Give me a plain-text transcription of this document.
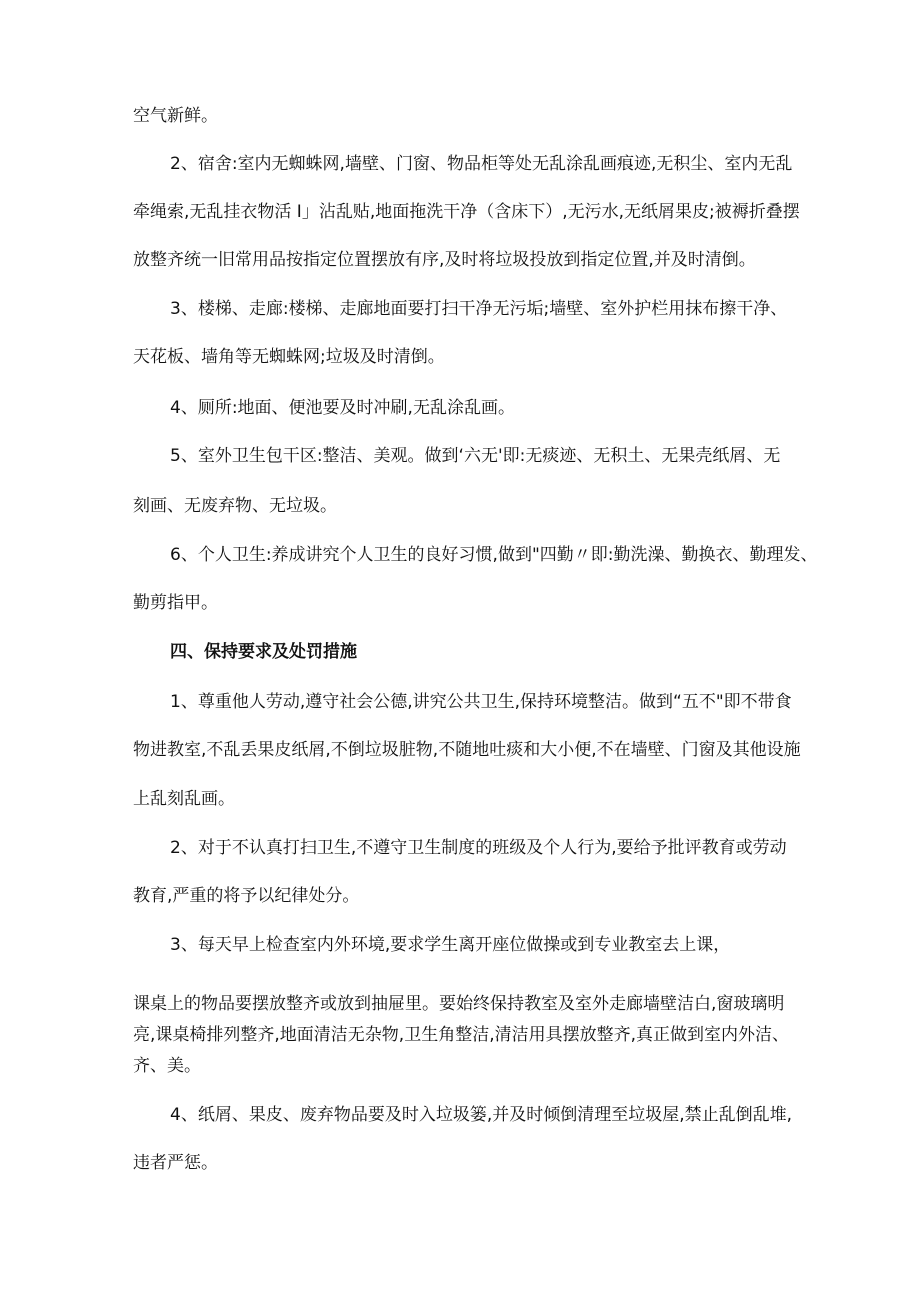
空气新鲜。
2、宿舍:室内无蜘蛛网,墙壁、门窗、物品柜等处无乱涂乱画痕迹,无积尘、室内无乱
牵绳索,无乱挂衣物活 I」沾乱贴,地面拖洗干净（含床下）,无污水,无纸屑果皮;被褥折叠摆
放整齐统一旧常用品按指定位置摆放有序,及时将垃圾投放到指定位置,并及时清倒。
3、楼梯、走廊:楼梯、走廊地面要打扫干净无污垢;墙壁、室外护栏用抹布擦干净、
天花板、墙角等无蜘蛛网;垃圾及时清倒。
4、厕所:地面、便池要及时冲刷,无乱涂乱画。
5、室外卫生包干区:整洁、美观。做到‘六无'即:无痰迹、无积土、无果壳纸屑、无
刻画、无废弃物、无垃圾。
6、个人卫生:养成讲究个人卫生的良好习惯,做到"四勤〃即:勤洗澡、勤换衣、勤理发、
勤剪指甲。
四、保持要求及处罚措施
1、尊重他人劳动,遵守社会公德,讲究公共卫生,保持环境整洁。做到“五不"即不带食
物进教室,不乱丢果皮纸屑,不倒垃圾脏物,不随地吐痰和大小便,不在墙壁、门窗及其他设施
上乱刻乱画。
2、对于不认真打扫卫生,不遵守卫生制度的班级及个人行为,要给予批评教育或劳动
教育,严重的将予以纪律处分。
3、每天早上检查室内外环境,要求学生离开座位做操或到专业教室去上课，
课桌上的物品要摆放整齐或放到抽屉里。要始终保持教室及室外走廊墙壁洁白,窗玻璃明
亮,课桌椅排列整齐,地面清洁无杂物,卫生角整洁,清洁用具摆放整齐,真正做到室内外洁、
齐、美。
4、纸屑、果皮、废弃物品要及时入垃圾篓,并及时倾倒清理至垃圾屋,禁止乱倒乱堆,
违者严惩。
